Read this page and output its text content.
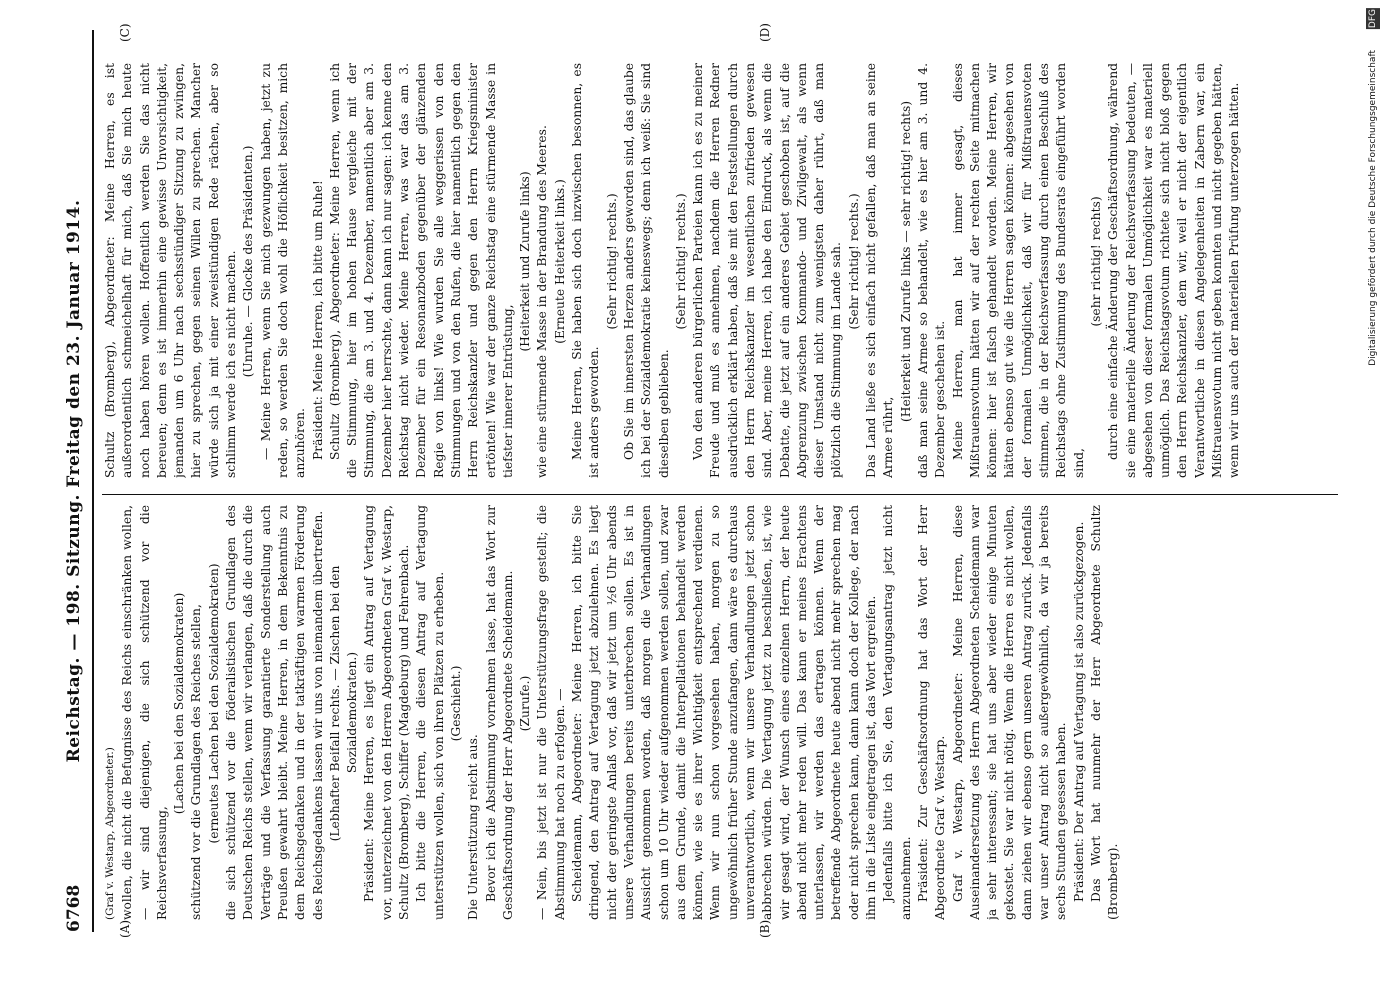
6768
Reichstag. — 198. Sitzung. Freitag den 23. Januar 1914.

(Graf v. Westarp, Abgeordneter.) wollen, die nicht die Befugnisse des Reichs einschränken wollen, — wir sind diejenigen, die sich schützend vor die Reichsverfassung,

(Lachen bei den Sozialdemokraten) schützend vor die Grundlagen des Reiches stellen, (erneutes Lachen bei den Sozialdemokraten) die sich schützend vor die föderalistischen Grundlagen des Deutschen Reichs stellen, wenn wir verlangen, daß die durch die Verträge und die Verfassung garantierte Sonderstellung auch Preußen gewahrt bleibt. Meine Herren, in dem Bekenntnis zu dem Reichsgedanken und in der tatkräftigen warmen Förderung des Reichsgedankens lassen wir uns von niemandem übertreffen. (Lebhafter Beifall rechts. — Zischen bei den Sozialdemokraten.) Präsident: Meine Herren, es liegt ein Antrag auf Vertagung vor, unterzeichnet von den Herren Abgeordneten Graf v. Westarp, Schultz (Bromberg), Schiffer (Magdeburg) und Fehrenbach. Ich bitte die Herren, die diesen Antrag auf Vertagung unterstützen wollen, sich von ihren Plätzen zu erheben. (Geschieht.)

Die Unterstützung reicht aus. Bevor ich die Abstimmung vornehmen lasse, hat das Wort zur Geschäftsordnung der Herr Abgeordnete Scheidemann. (Zurufe.) — Nein, bis jetzt ist nur die Unterstützungsfrage gestellt; die Abstimmung hat noch zu erfolgen. — Scheidemann, Abgeordneter: Meine Herren, ich bitte Sie dringend, den Antrag auf Vertagung jetzt abzulehnen. Es liegt nicht der geringste Anlaß vor, daß wir jetzt um ½6 Uhr abends unsere Verhandlungen bereits unterbrechen sollen. Es ist in Aussicht genommen worden, daß morgen die Verhandlungen schon um 10 Uhr wieder aufgenommen werden sollen, und zwar aus dem Grunde, damit die Interpellationen behandelt werden können, wie sie es ihrer Wichtigkeit entsprechend verdienen. Wenn wir nun schon vorgesehen haben, morgen zu so ungewöhnlich früher Stunde anzufangen, dann wäre es durchaus unverantwortlich, wenn wir unsere Verhandlungen jetzt schon abbrechen würden. Die Vertagung jetzt zu beschließen, ist, wie wir gesagt wird, der Wunsch eines einzelnen Herrn, der heute abend nicht mehr reden will. Das kann er meines Erachtens unterlassen, wir werden das ertragen können. Wenn der betreffende Abgeordnete heute abend nicht mehr sprechen mag oder nicht sprechen kann, dann kann doch der Kollege, der nach ihm in die Liste eingetragen ist, das Wort ergreifen. Jedenfalls bitte ich Sie, den Vertagungsantrag jetzt nicht anzunehmen. Präsident: Zur Geschäftsordnung hat das Wort der Herr Abgeordnete Graf v. Westarp. Graf v. Westarp, Abgeordneter: Meine Herren, diese Auseinandersetzung des Herrn Abgeordneten Scheidemann war ja sehr interessant; sie hat uns aber wieder einige Minuten gekostet. Sie war nicht nötig. Wenn die Herren es nicht wollen, dann ziehen wir ebenso gern unseren Antrag zurück. Jedenfalls war unser Antrag nicht so außergewöhnlich, da wir ja bereits sechs Stunden gesessen haben. Präsident: Der Antrag auf Vertagung ist also zurückgezogen. Das Wort hat nunmehr der Herr Abgeordnete Schultz (Bromberg).

Schultz (Bromberg), Abgeordneter: Meine Herren, es ist außerordentlich schmeichelhaft für mich, daß Sie mich heute noch haben hören wollen. Hoffentlich werden Sie das nicht bereuen; denn es ist immerhin eine gewisse Unvorsichtigkeit, jemanden um 6 Uhr nach sechsstündiger Sitzung zu zwingen, hier zu sprechen, gegen seinen Willen zu sprechen. Mancher würde sich ja mit einer zweistündigen Rede rächen, aber so schlimm werde ich es nicht machen. (Unruhe. — Glocke des Präsidenten.) — Meine Herren, wenn Sie mich gezwungen haben, jetzt zu reden, so werden Sie doch wohl die Höflichkeit besitzen, mich anzuhören. Präsident: Meine Herren, ich bitte um Ruhe! Schultz (Bromberg), Abgeordneter: Meine Herren, wenn ich die Stimmung, hier im hohen Hause vergleiche mit der Stimmung, die am 3. und 4. Dezember, namentlich aber am 3. Dezember hier herrschte, dann kann ich nur sagen: ich kenne den Reichstag nicht wieder. Meine Herren, was war das am 3. Dezember für ein Resonanzboden gegenüber der glänzenden Regie von links! Wie wurden Sie alle weggerissen von den Stimmungen und von den Rufen, die hier namentlich gegen den Herrn Reichskanzler und gegen den Herrn Kriegsminister ertönten! Wie war der ganze Reichstag eine stürmende Masse in tiefster innerer Entrüstung,

(Heiterkeit und Zurufe links) wie eine stürmende Masse in der Brandung des Meeres. (Erneute Heiterkeit links.) Meine Herren, Sie haben sich doch inzwischen besonnen, es ist anders geworden.

(Sehr richtig! rechts.) Ob Sie im innersten Herzen anders geworden sind, das glaube ich bei der Sozialdemokratie keineswegs; denn ich weiß: Sie sind dieselben geblieben.

(Sehr richtig! rechts.) Von den anderen bürgerlichen Parteien kann ich es zu meiner Freude und muß es annehmen, nachdem die Herren Redner ausdrücklich erklärt haben, daß sie mit den Feststellungen durch den Herrn Reichskanzler im wesentlichen zufrieden gewesen sind. Aber, meine Herren, ich habe den Eindruck, als wenn die Debatte, die jetzt auf ein anderes Gebiet geschoben ist, auf die Abgrenzung zwischen Kommando- und Zivilgewalt, als wenn dieser Umstand nicht zum wenigsten daher rührt, daß man plötzlich die Stimmung im Lande sah. (Sehr richtig! rechts.) Das Land ließe es sich einfach nicht gefallen, daß man an seine Armee rührt,

(Heiterkeit und Zurufe links — sehr richtig! rechts) daß man seine Armee so behandelt, wie es hier am 3. und 4. Dezember geschehen ist. Meine Herren, man hat immer gesagt, dieses Mißtrauensvotum hätten wir auf der rechten Seite mitmachen können: hier ist falsch gehandelt worden. Meine Herren, wir hätten ebenso gut wie die Herren sagen können: abgesehen von der formalen Unmöglichkeit, daß wir für Mißtrauensvoten stimmen, die in der Reichsverfassung durch einen Beschluß des Reichstags ohne Zustimmung des Bundesrats eingeführt worden sind,

(sehr richtig! rechts) durch eine einfache Änderung der Geschäftsordnung, während sie eine materielle Änderung der Reichsverfassung bedeuten, — abgesehen von dieser formalen Unmöglichkeit war es materiell unmöglich. Das Reichstagsvotum richtete sich nicht bloß gegen den Herrn Reichskanzler, dem wir, weil er nicht der eigentlich Verantwortliche in diesen Angelegenheiten in Zabern war, ein Mißtrauensvotum nicht geben konnten und nicht gegeben hätten, wenn wir uns auch der materiellen Prüfung unterzogen hätten.

(A)	(B)
(C)	(D)
DFG
Digitalisierung gefördert durch die Deutsche Forschungsgemeinschaft
